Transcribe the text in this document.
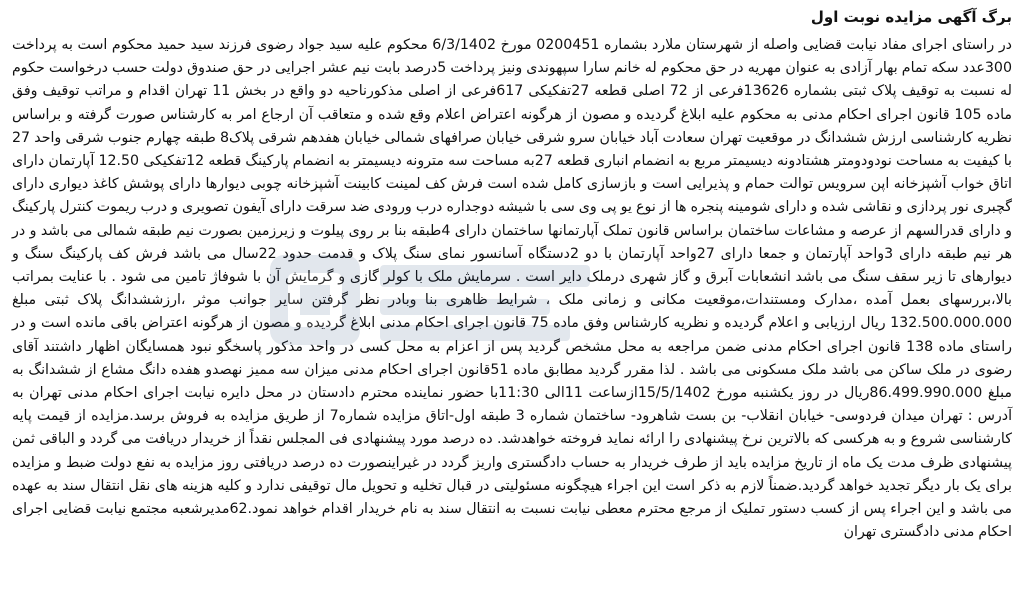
برگ آگهی مزایده نوبت اول

در راستای اجرای مفاد نیابت قضایی واصله از شهرستان ملارد بشماره 0200451 مورخ 6/3/1402 محکوم علیه سید جواد رضوی فرزند سید حمید محکوم است به پرداخت 300عدد سکه تمام بهار آزادی به عنوان مهریه در حق محکوم له خانم سارا سپهوندی ونیز پرداخت 5درصد بابت نیم عشر اجرایی در حق صندوق دولت حسب درخواست حکوم له نسبت به توقیف پلاک ثبتی بشماره 13626فرعی از 72 اصلی قطعه 27تفکیکی 617فرعی از اصلی مذکورناحیه دو واقع در بخش 11 تهران اقدام و مراتب توقیف وفق ماده 105 قانون اجرای احکام مدنی به محکوم علیه ابلاغ گردیده و مصون از هرگونه اعتراض اعلام وقع شده و متعاقب آن ارجاع امر به کارشناس صورت گرفته و براساس نظریه کارشناسی ارزش ششدانگ در موقعیت تهران سعادت آباد خیابان سرو شرقی خیابان صرافهای شمالی خیابان هفدهم شرقی پلاک8 طبقه چهارم جنوب شرقی واحد 27 با کیفیت به مساحت نودودومتر هشتادونه دیسیمتر مربع به انضمام انباری قطعه 27به مساحت سه مترونه دیسیمتر به انضمام پارکینگ قطعه 12تفکیکی 12.50 آپارتمان دارای اتاق خواب آشپزخانه اپن سرویس توالت حمام و پذیرایی است و بازسازی کامل شده است فرش کف لمینت کابینت آشپزخانه چوبی دیوارها دارای پوشش کاغذ دیواری دارای گچبری نور پردازی و نقاشی شده و دارای شومینه پنجره ها از نوع یو پی وی سی با شیشه دوجداره درب ورودی ضد سرقت دارای آیفون تصویری و درب ریموت کنترل پارکینگ و دارای قدرالسهم از عرصه و مشاعات ساختمان براساس قانون تملک آپارتمانها ساختمان دارای 4طبقه بنا بر روی پیلوت و زیرزمین بصورت نیم طبقه شمالی می باشد و در هر نیم طبقه دارای 3واحد آپارتمان و جمعا دارای 27واحد آپارتمان با دو 2دستگاه آسانسور نمای سنگ پلاک و قدمت حدود 22سال می باشد فرش کف پارکینگ سنگ و دیوارهای تا زیر سقف سنگ می باشد انشعابات آبرق و گاز شهری درملک دایر است . سرمایش ملک با کولر گازی و گرمایش آن با شوفاژ تامین می شود . با عنایت بمراتب بالا،بررسهای بعمل آمده ،مدارک ومستندات،موقعیت مکانی و زمانی ملک ، شرایط ظاهری بنا وبادر نظر گرفتن سایر جوانب موثر ،ارزششدانگ پلاک ثبتی مبلغ 132.500.000.000 ریال ارزیابی و اعلام گردیده و نظریه کارشناس وفق ماده 75 قانون اجرای احکام مدنی ابلاغ گردیده و مصون از هرگونه اعتراض باقی مانده است و در راستای ماده 138 قانون اجرای احکام مدنی ضمن مراجعه به محل مشخص گردید پس از اعزام به محل کسی در واحد مذکور پاسخگو نبود همسایگان اظهار داشتند آقای رضوی در ملک ساکن می باشد ملک مسکونی می باشد . لذا مقرر گردید مطابق ماده 51قانون اجرای احکام مدنی میزان سه ممیز نهصدو هفده دانگ مشاع از ششدانگ به مبلغ 86.499.990.000ریال در روز یکشنبه مورخ 15/5/1402ازساعت 11الی 11:30با حضور نماینده محترم دادستان در محل دایره نیابت اجرای احکام مدنی تهران به آدرس : تهران میدان فردوسی- خیابان انقلاب- بن بست شاهرود- ساختمان شماره 3 طبقه اول-اتاق مزایده شماره7 از طریق مزایده به فروش برسد.مزایده از قیمت پایه کارشناسی شروع و به هرکسی که بالاترین نرخ پیشنهادی را ارائه نماید فروخته خواهدشد. ده درصد مورد پیشنهادی فی المجلس نقداً از خریدار دریافت می گردد و الباقی ثمن پیشنهادی ظرف مدت یک ماه از تاریخ مزایده باید از طرف خریدار به حساب دادگستری واریز گردد در غیراینصورت ده درصد دریافتی روز مزایده به نفع دولت ضبط و مزایده برای یک بار دیگر تجدید خواهد گردید.ضمناً لازم به ذکر است این اجراء هیچگونه مسئولیتی در قبال تخلیه و تحویل مال توقیفی ندارد و کلیه هزینه های نقل انتقال سند به عهده می باشد و این اجراء پس از کسب دستور تملیک از مرجع محترم معطی نیابت نسبت به انتقال سند به نام خریدار اقدام خواهد نمود.62مدیرشعبه مجتمع نیابت قضایی اجرای احکام مدنی دادگستری تهران
